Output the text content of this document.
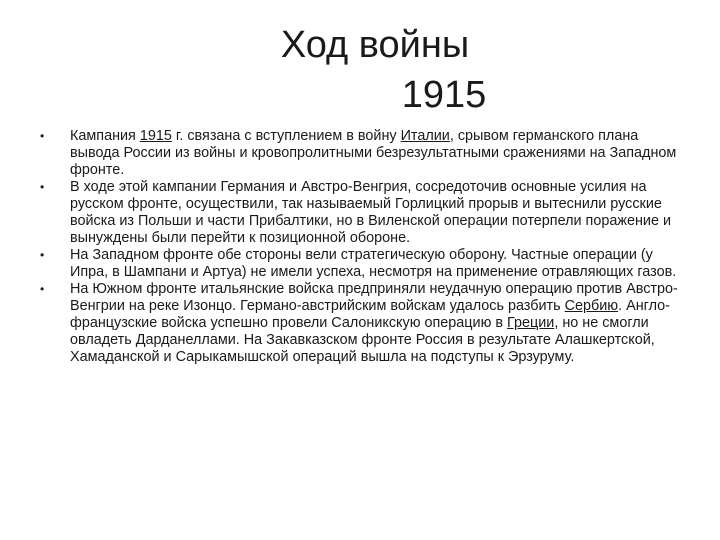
Ход войны
1915
• Кампания 1915 г. связана с вступлением в войну Италии, срывом германского плана вывода России из войны и кровопролитными безрезультатными сражениями на Западном фронте.
• В ходе этой кампании Германия и Австро-Венгрия, сосредоточив основные усилия на русском фронте, осуществили, так называемый Горлицкий прорыв и вытеснили русские войска из Польши и части Прибалтики, но в Виленской операции потерпели поражение и вынуждены были перейти к позиционной обороне.
• На Западном фронте обе стороны вели стратегическую оборону. Частные операции (у Ипра, в Шампани и Артуа) не имели успеха, несмотря на применение отравляющих газов.
• На Южном фронте итальянские войска предприняли неудачную операцию против Австро-Венгрии на реке Изонцо. Германо-австрийским войскам удалось разбить Сербию. Англо-французские войска успешно провели Салоникскую операцию в Греции, но не смогли овладеть Дарданеллами. На Закавказском фронте Россия в результате Алашкертской, Хамаданской и Сарыкамышской операций вышла на подступы к Эрзуруму.
